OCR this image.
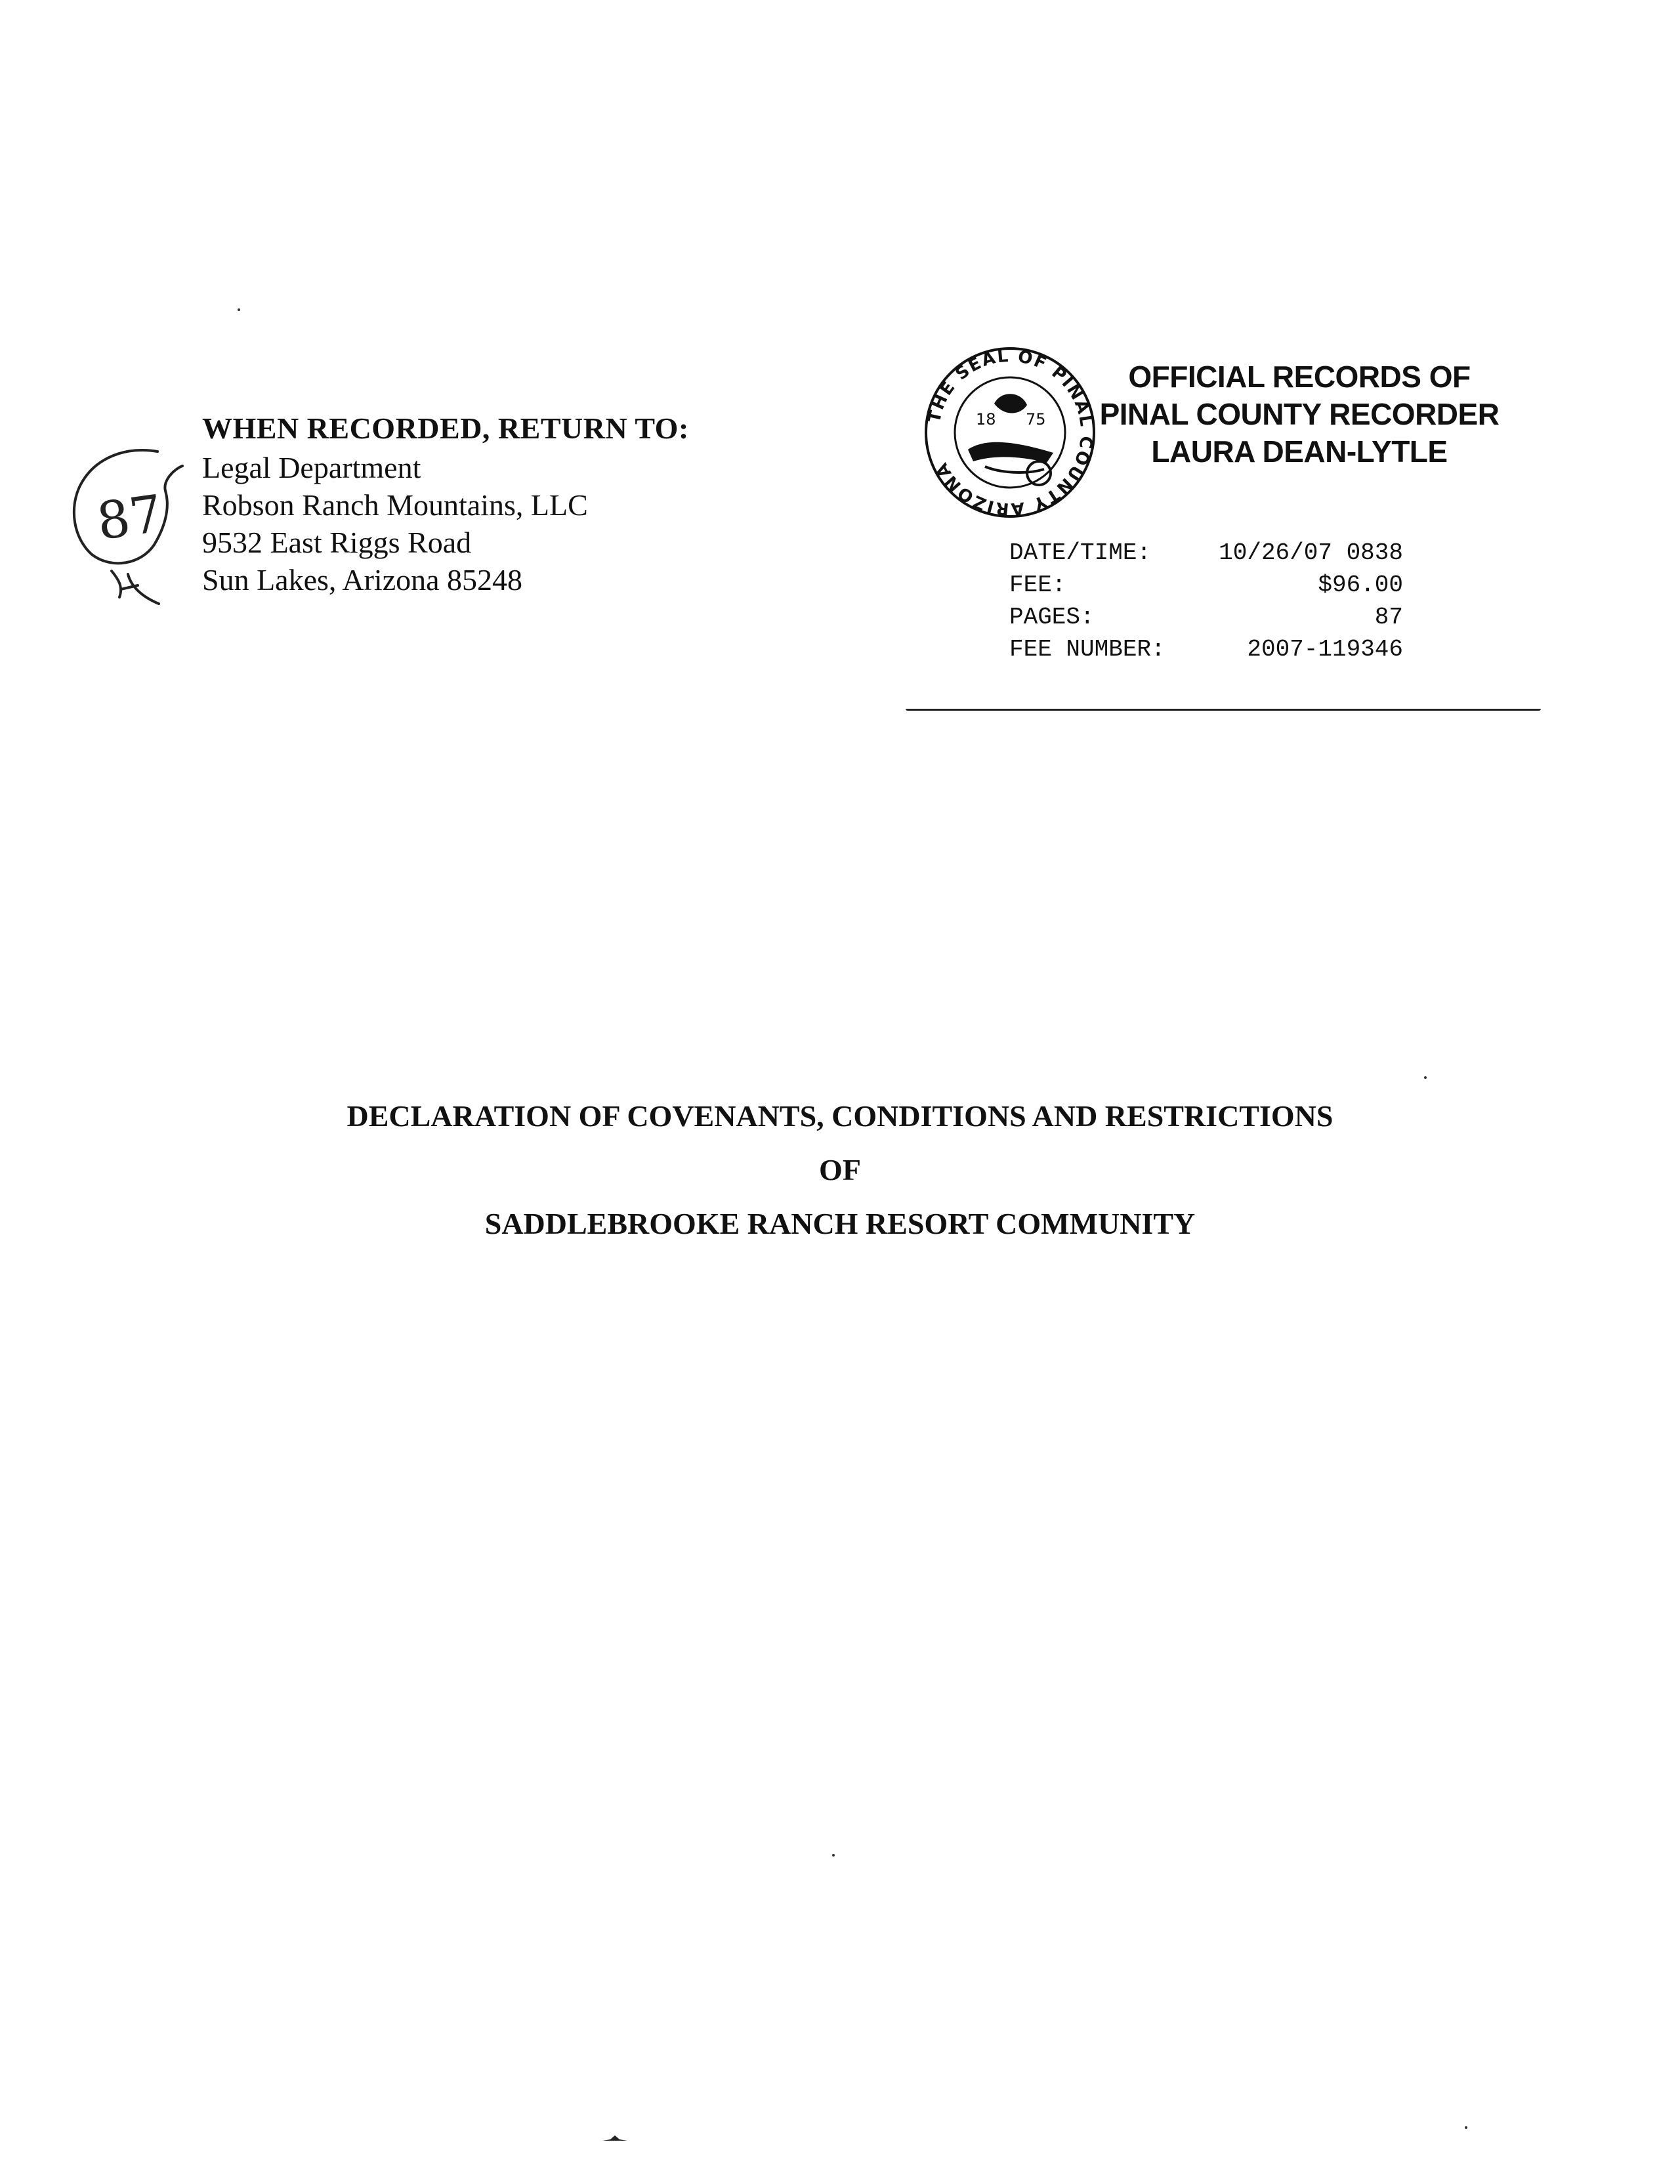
87
WHEN RECORDED, RETURN TO:
Legal Department
Robson Ranch Mountains, LLC
9532 East Riggs Road
Sun Lakes, Arizona 85248
THE SEAL OF PINAL COUNTY ARIZONA
18 75
OFFICIAL RECORDS OF
PINAL COUNTY RECORDER
LAURA DEAN-LYTLE
DATE/TIME:	10/26/07 0838
FEE:	$96.00
PAGES:	87
FEE NUMBER:	2007-119346
DECLARATION OF COVENANTS, CONDITIONS AND RESTRICTIONS
OF
SADDLEBROOKE RANCH RESORT COMMUNITY
